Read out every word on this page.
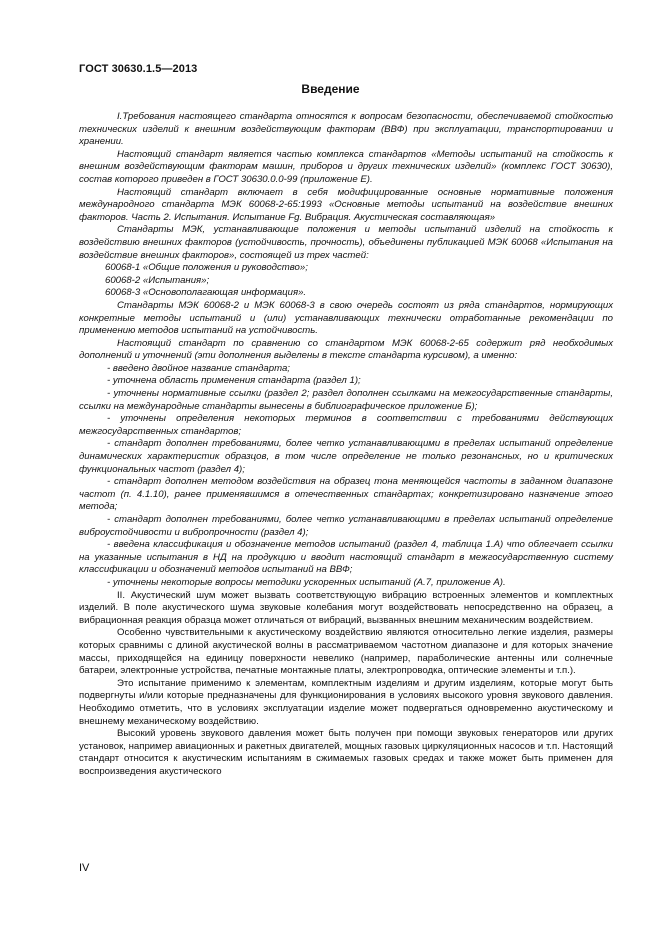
ГОСТ 30630.1.5—2013
Введение

I.Требования настоящего стандарта относятся к вопросам безопасности, обеспечиваемой стойкостью технических изделий к внешним воздействующим факторам (ВВФ) при эксплуатации, транспортировании и хранении.

Настоящий стандарт является частью комплекса стандартов «Методы испытаний на стойкость к внешним воздействующим факторам машин, приборов и других технических изделий» (комплекс ГОСТ 30630), состав которого приведен в ГОСТ 30630.0.0-99 (приложение Е).

Настоящий стандарт включает в себя модифицированные основные нормативные положения международного стандарта МЭК 60068-2-65:1993 «Основные методы испытаний на воздействие внешних факторов. Часть 2. Испытания. Испытание Fg. Вибрация. Акустическая составляющая»

Стандарты МЭК, устанавливающие положения и методы испытаний изделий на стойкость к воздействию внешних факторов (устойчивость, прочность), объединены публикацией МЭК 60068 «Испытания на воздействие внешних факторов», состоящей из трех частей:

60068-1 «Общие положения и руководство»;

60068-2 «Испытания»;

60068-3 «Основополагающая информация».

Стандарты МЭК 60068-2 и МЭК 60068-3 в свою очередь состоят из ряда стандартов, нормирующих конкретные методы испытаний и (или) устанавливающих технически отработанные рекомендации по применению методов испытаний на устойчивость.

Настоящий стандарт по сравнению со стандартом МЭК 60068-2-65 содержит ряд необходимых дополнений и уточнений (эти дополнения выделены в тексте стандарта курсивом), а именно:

- введено двойное название стандарта;

- уточнена область применения стандарта (раздел 1);

- уточнены нормативные ссылки (раздел 2; раздел дополнен ссылками на межгосударственные стандарты, ссылки на международные стандарты вынесены в библиографическое приложение Б);

- уточнены определения некоторых терминов в соответствии с требованиями действующих межгосударственных стандартов;

- стандарт дополнен требованиями, более четко устанавливающими в пределах испытаний определение динамических характеристик образцов, в том числе определение не только резонансных, но и критических функциональных частот (раздел 4);

- стандарт дополнен методом воздействия на образец тона меняющейся частоты в заданном диапазоне частот (п. 4.1.10), ранее применявшимся в отечественных стандартах; конкретизировано назначение этого метода;

- стандарт дополнен требованиями, более четко устанавливающими в пределах испытаний определение виброустойчивости и вибропрочности (раздел 4);

- введена классификация и обозначение методов испытаний (раздел 4, таблица 1.А) что облегчает ссылки на указанные испытания в НД на продукцию и вводит настоящий стандарт в межгосударственную систему классификации и обозначений методов испытаний на ВВФ;

- уточнены некоторые вопросы методики ускоренных испытаний (А.7, приложение А).

II. Акустический шум может вызвать соответствующую вибрацию встроенных элементов и комплектных изделий. В поле акустического шума звуковые колебания могут воздействовать непосредственно на образец, а вибрационная реакция образца может отличаться от вибраций, вызванных внешним механическим воздействием.

Особенно чувствительными к акустическому воздействию являются относительно легкие изделия, размеры которых сравнимы с длиной акустической волны в рассматриваемом частотном диапазоне и для которых значение массы, приходящейся на единицу поверхности невелико (например, параболические антенны или солнечные батареи, электронные устройства, печатные монтажные платы, электропроводка, оптические элементы и т.п.).

Это испытание применимо к элементам, комплектным изделиям и другим изделиям, которые могут быть подвергнуты и/или которые предназначены для функционирования в условиях высокого уровня звукового давления. Необходимо отметить, что в условиях эксплуатации изделие может подвергаться одновременно акустическому и внешнему механическому воздействию.

Высокий уровень звукового давления может быть получен при помощи звуковых генераторов или других установок, например авиационных и ракетных двигателей, мощных газовых циркуляционных насосов и т.п. Настоящий стандарт относится к акустическим испытаниям в сжимаемых газовых средах и также может быть применен для воспроизведения акустического

IV
